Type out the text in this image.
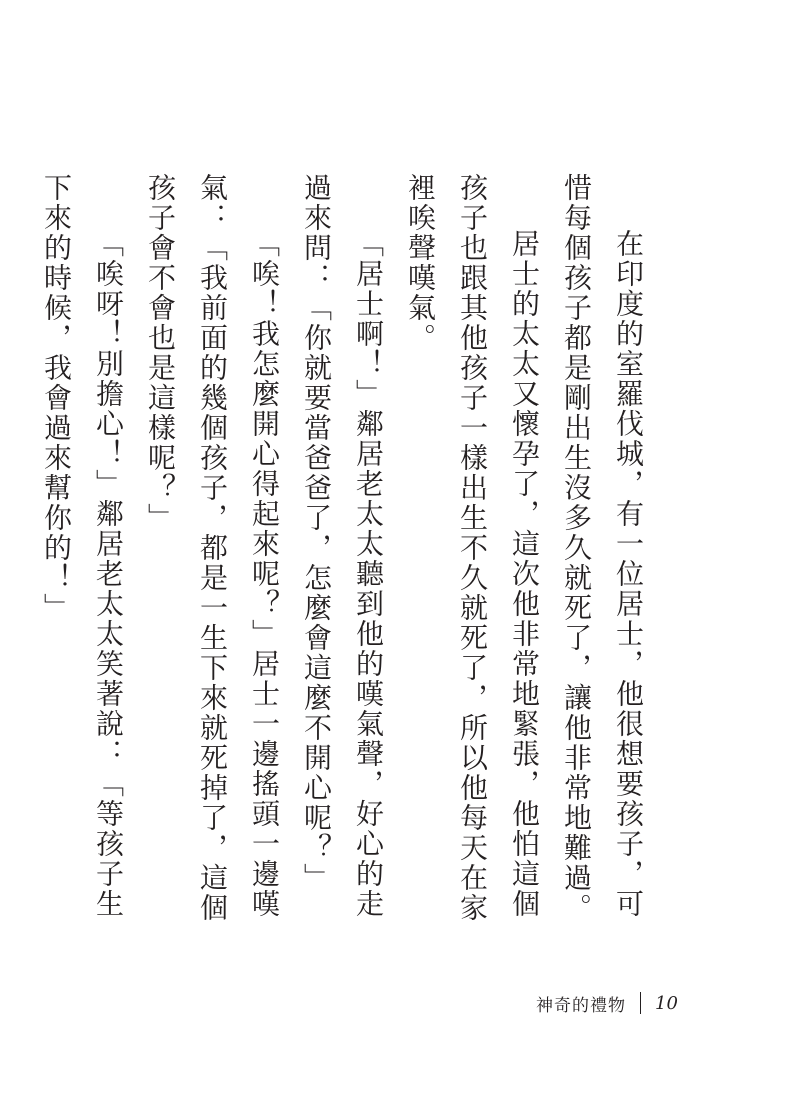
在印度的室羅伐城，有一位居士，他很想要孩子，可惜每個孩子都是剛出生沒多久就死了，讓他非常地難過。

居士的太太又懷孕了，這次他非常地緊張，他怕這個孩子也跟其他孩子一樣出生不久就死了，所以他每天在家裡唉聲嘆氣。

「居士啊！」鄰居老太太聽到他的嘆氣聲，好心的走過來問：「你就要當爸爸了，怎麼會這麼不開心呢？」

「唉！我怎麼開心得起來呢？」居士一邊搖頭一邊嘆氣：「我前面的幾個孩子，都是一生下來就死掉了，這個孩子會不會也是這樣呢？」

「唉呀！別擔心！」鄰居老太太笑著說：「等孩子生下來的時候，我會過來幫你的！」

神奇的禮物 10
